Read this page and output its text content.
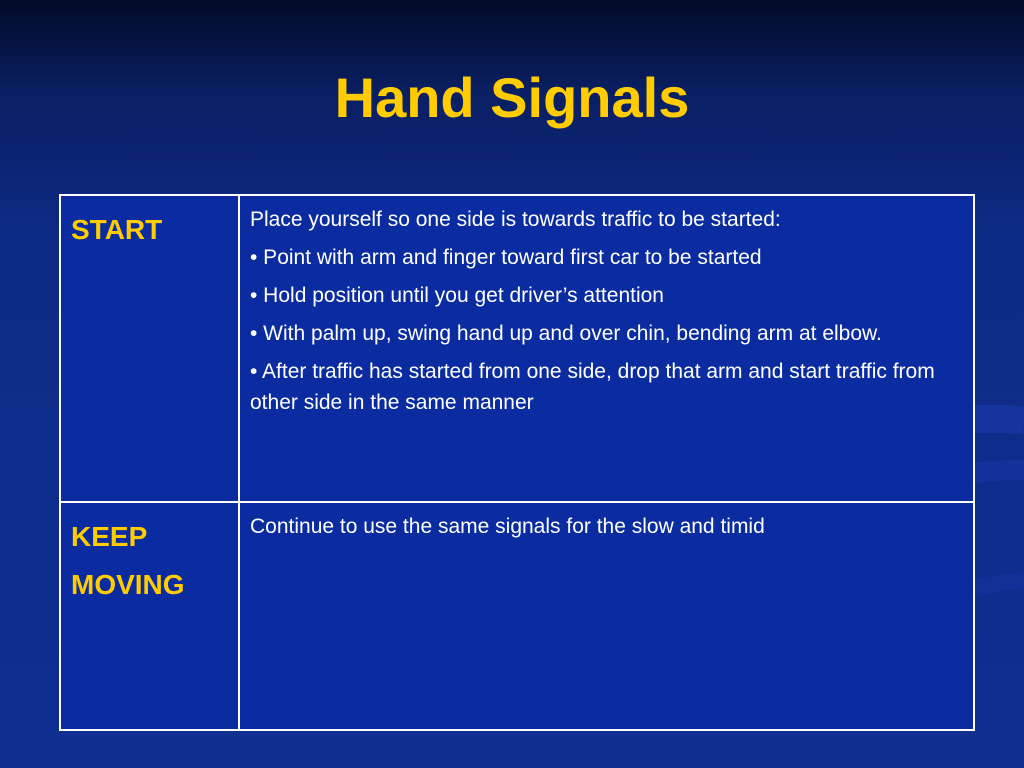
Hand Signals
START	Place yourself so one side is towards traffic to be started:

• Point with arm and finger toward first car to be started

• Hold position until you get driver’s attention

• With palm up, swing hand up and over chin, bending arm at elbow.

• After traffic has started from one side, drop that arm and start traffic from other side in the same manner

KEEP
MOVING	Continue to use the same signals for the slow and timid
